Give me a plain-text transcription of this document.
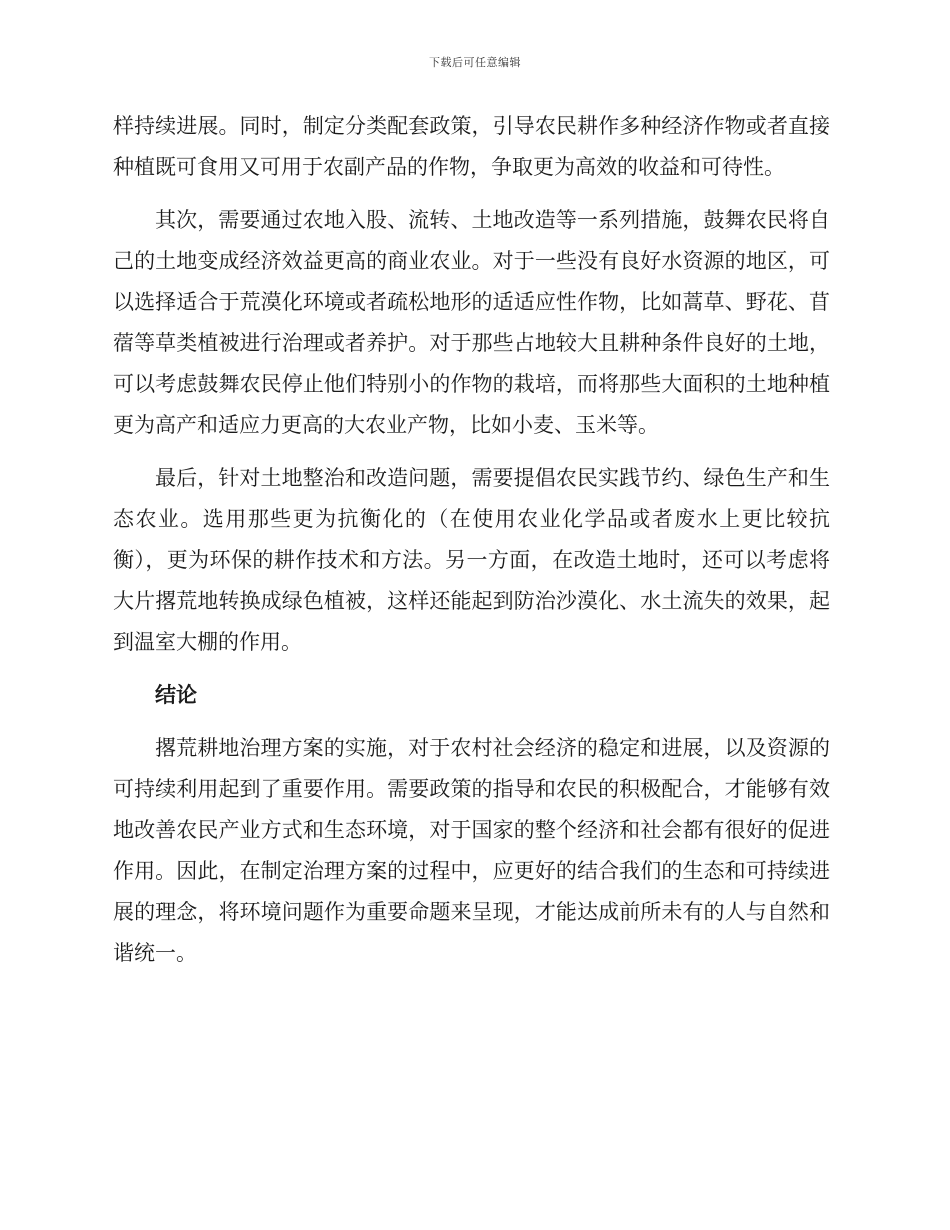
下载后可任意编辑

样持续进展。同时，制定分类配套政策，引导农民耕作多种经济作物或者直接种植既可食用又可用于农副产品的作物，争取更为高效的收益和可待性。

其次，需要通过农地入股、流转、土地改造等一系列措施，鼓舞农民将自己的土地变成经济效益更高的商业农业。对于一些没有良好水资源的地区，可以选择适合于荒漠化环境或者疏松地形的适适应性作物，比如蒿草、野花、苜蓿等草类植被进行治理或者养护。对于那些占地较大且耕种条件良好的土地，可以考虑鼓舞农民停止他们特别小的作物的栽培，而将那些大面积的土地种植更为高产和适应力更高的大农业产物，比如小麦、玉米等。

最后，针对土地整治和改造问题，需要提倡农民实践节约、绿色生产和生态农业。选用那些更为抗衡化的（在使用农业化学品或者废水上更比较抗衡），更为环保的耕作技术和方法。另一方面，在改造土地时，还可以考虑将大片撂荒地转换成绿色植被，这样还能起到防治沙漠化、水土流失的效果，起到温室大棚的作用。

结论

撂荒耕地治理方案的实施，对于农村社会经济的稳定和进展，以及资源的可持续利用起到了重要作用。需要政策的指导和农民的积极配合，才能够有效地改善农民产业方式和生态环境，对于国家的整个经济和社会都有很好的促进作用。因此，在制定治理方案的过程中，应更好的结合我们的生态和可持续进展的理念，将环境问题作为重要命题来呈现，才能达成前所未有的人与自然和谐统一。
